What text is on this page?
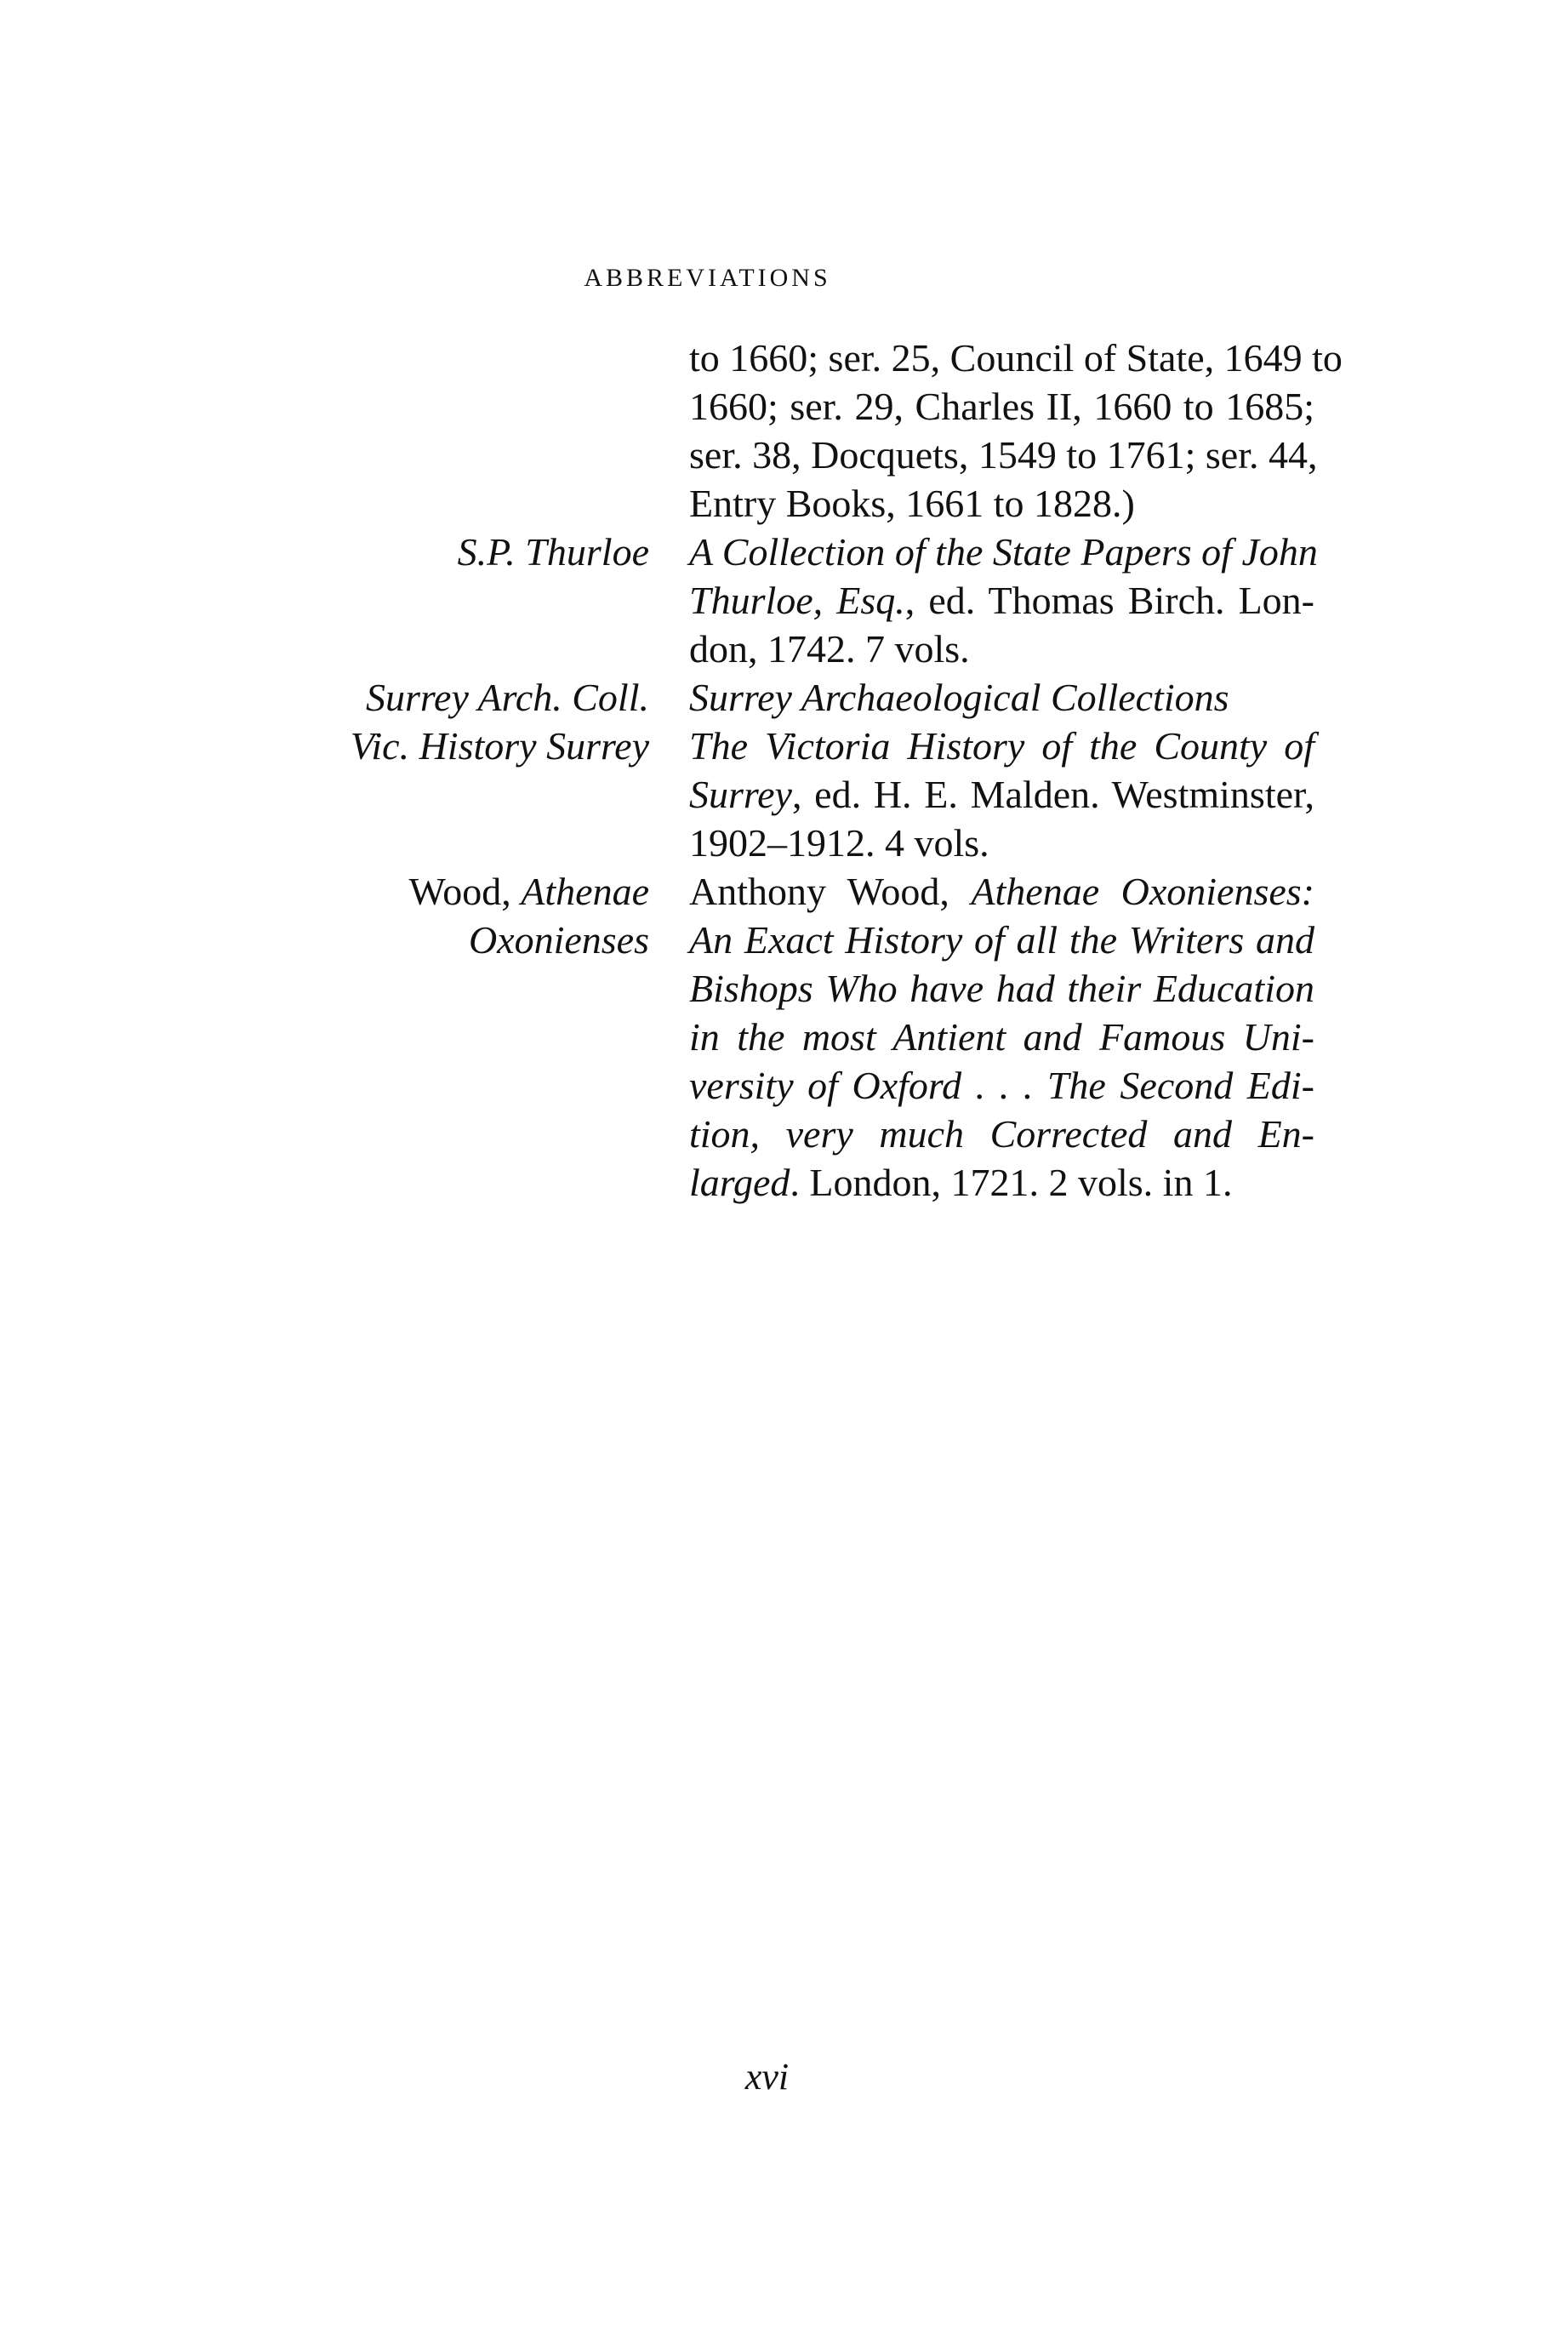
ABBREVIATIONS
to 1660; ser. 25, Council of State, 1649 to
1660; ser. 29, Charles II, 1660 to 1685;
ser. 38, Docquets, 1549 to 1761; ser. 44,
Entry Books, 1661 to 1828.)
S.P. Thurloe A Collection of the State Papers of John
Thurloe, Esq., ed. Thomas Birch. Lon-
don, 1742. 7 vols.
Surrey Arch. Coll. Surrey Archaeological Collections
Vic. History Surrey The Victoria History of the County of
Surrey, ed. H. E. Malden. Westminster,
1902–1912. 4 vols.
Wood, Athenae
Oxonienses
Anthony Wood, Athenae Oxonienses:
An Exact History of all the Writers and
Bishops Who have had their Education
in the most Antient and Famous Uni-
versity of Oxford . . . The Second Edi-
tion, very much Corrected and En-
larged. London, 1721. 2 vols. in 1.
xvi
